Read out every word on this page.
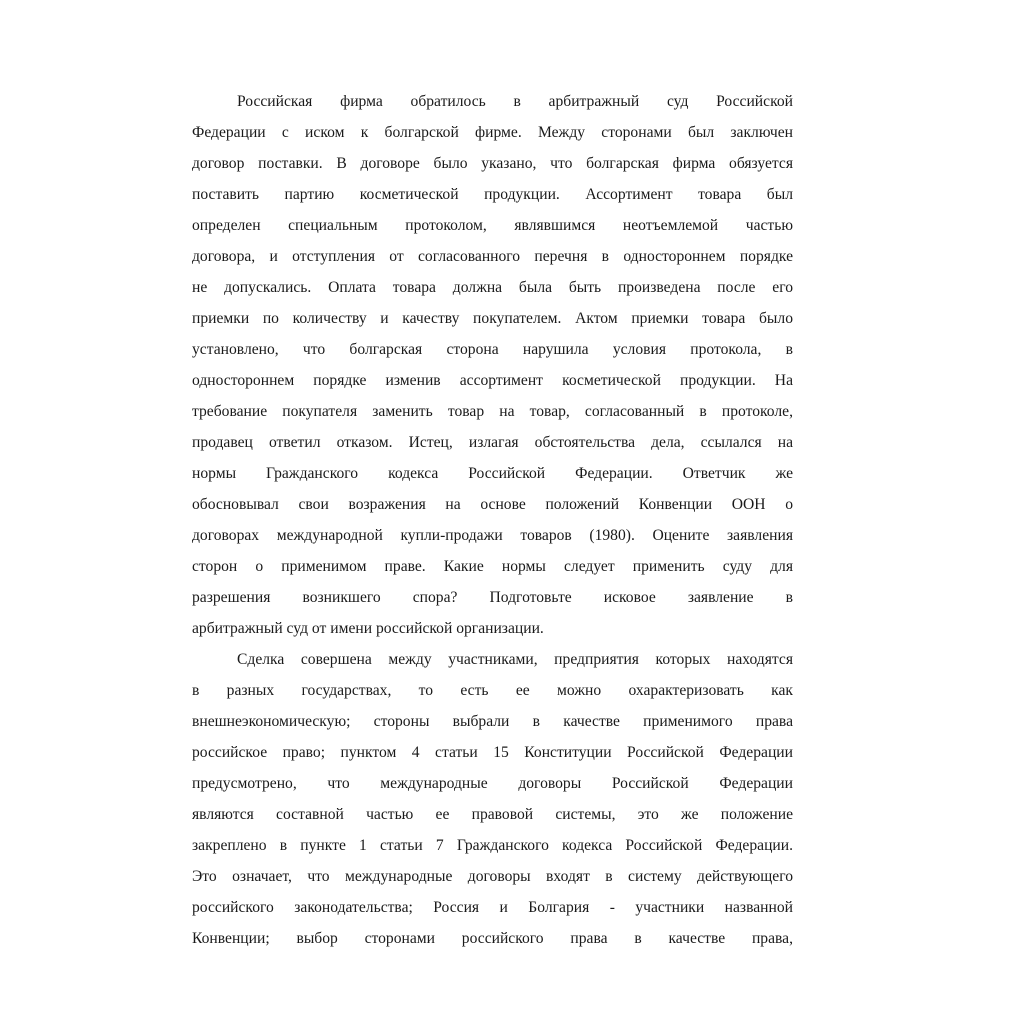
Российская фирма обратилось в арбитражный суд Российской
Федерации с иском к болгарской фирме. Между сторонами был заключен
договор поставки. В договоре было указано, что болгарская фирма обязуется
поставить партию косметической продукции. Ассортимент товара был
определен специальным протоколом, являвшимся неотъемлемой частью
договора, и отступления от согласованного перечня в одностороннем порядке
не допускались. Оплата товара должна была быть произведена после его
приемки по количеству и качеству покупателем. Актом приемки товара было
установлено, что болгарская сторона нарушила условия протокола, в
одностороннем порядке изменив ассортимент косметической продукции. На
требование покупателя заменить товар на товар, согласованный в протоколе,
продавец ответил отказом. Истец, излагая обстоятельства дела, ссылался на
нормы Гражданского кодекса Российской Федерации. Ответчик же
обосновывал свои возражения на основе положений Конвенции ООН о
договорах международной купли-продажи товаров (1980). Оцените заявления
сторон о применимом праве. Какие нормы следует применить суду для
разрешения возникшего спора? Подготовьте исковое заявление в
арбитражный суд от имени российской организации.
Сделка совершена между участниками, предприятия которых находятся
в разных государствах, то есть ее можно охарактеризовать как
внешнеэкономическую; стороны выбрали в качестве применимого права
российское право; пунктом 4 статьи 15 Конституции Российской Федерации
предусмотрено, что международные договоры Российской Федерации
являются составной частью ее правовой системы, это же положение
закреплено в пункте 1 статьи 7 Гражданского кодекса Российской Федерации.
Это означает, что международные договоры входят в систему действующего
российского законодательства; Россия и Болгария - участники названной
Конвенции; выбор сторонами российского права в качестве права,
